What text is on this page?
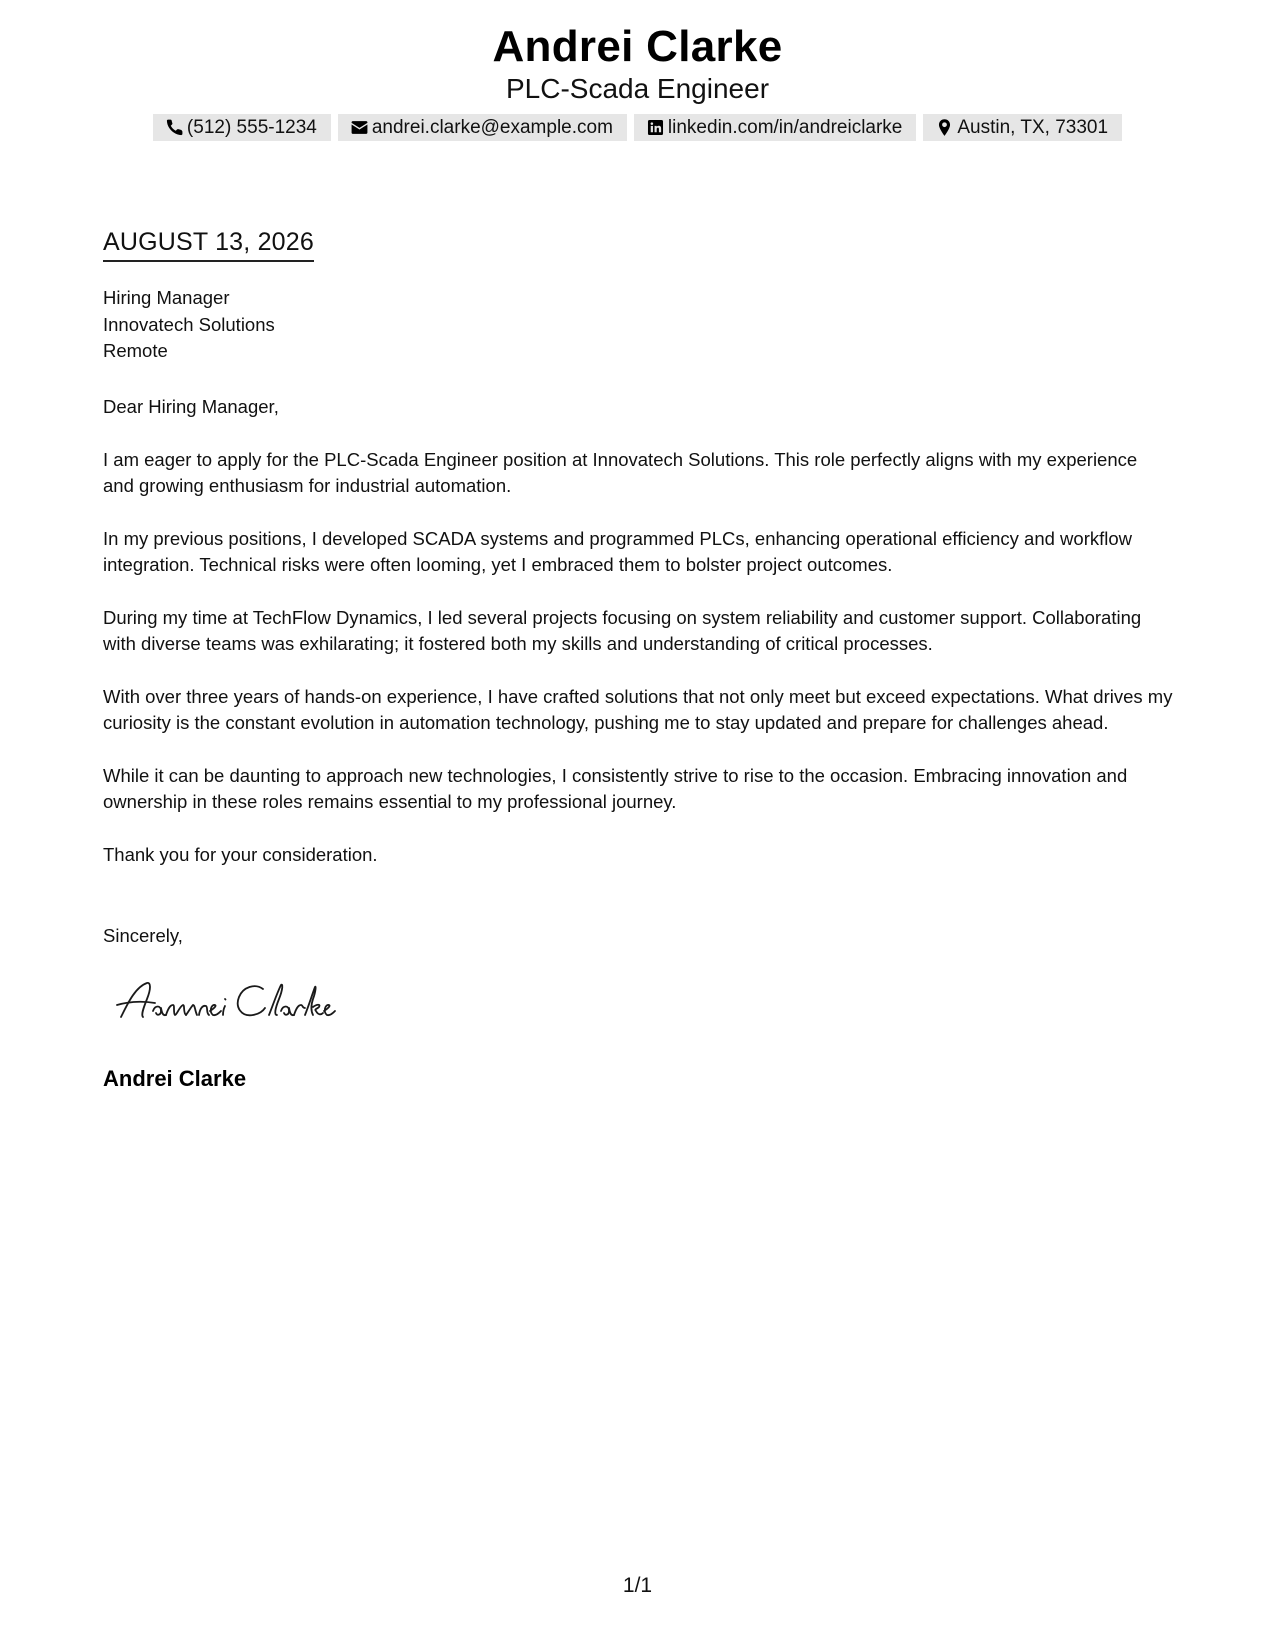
Andrei Clarke
PLC-Scada Engineer
(512) 555-1234	andrei.clarke@example.com	linkedin.com/in/andreiclarke	Austin, TX, 73301
AUGUST 13, 2026
Hiring Manager
Innovatech Solutions
Remote

Dear Hiring Manager,

I am eager to apply for the PLC-Scada Engineer position at Innovatech Solutions. This role perfectly aligns with my experience and growing enthusiasm for industrial automation.

In my previous positions, I developed SCADA systems and programmed PLCs, enhancing operational efficiency and workflow integration. Technical risks were often looming, yet I embraced them to bolster project outcomes.

During my time at TechFlow Dynamics, I led several projects focusing on system reliability and customer support. Collaborating with diverse teams was exhilarating; it fostered both my skills and understanding of critical processes.

With over three years of hands-on experience, I have crafted solutions that not only meet but exceed expectations. What drives my curiosity is the constant evolution in automation technology, pushing me to stay updated and prepare for challenges ahead.

While it can be daunting to approach new technologies, I consistently strive to rise to the occasion. Embracing innovation and ownership in these roles remains essential to my professional journey.

Thank you for your consideration.

Sincerely,
Andrei Clarke
1/1
